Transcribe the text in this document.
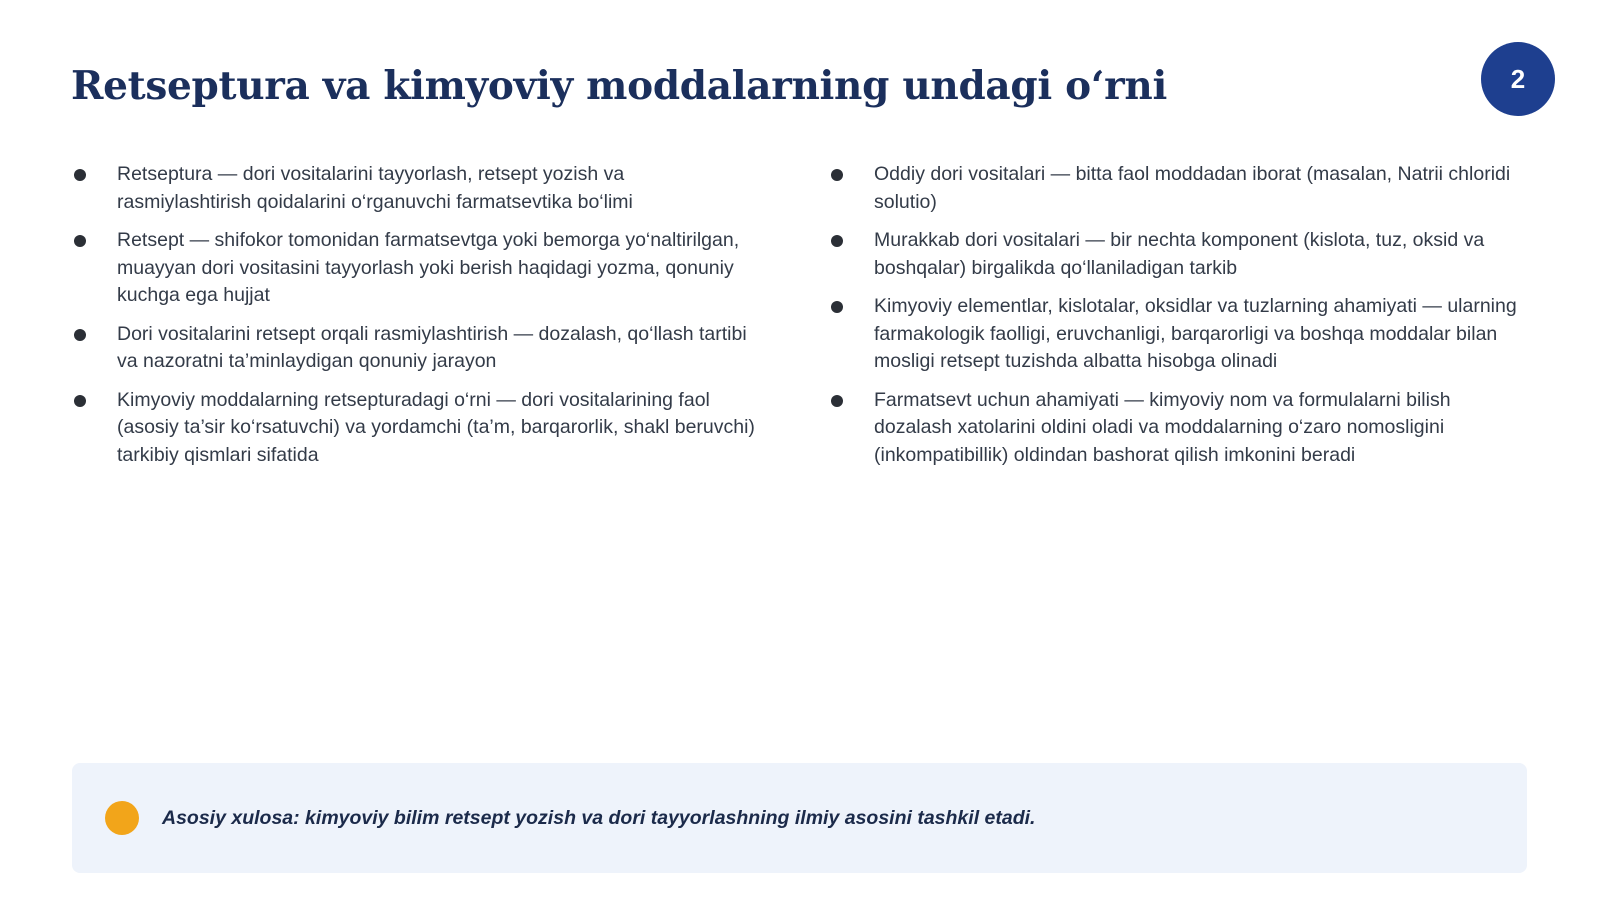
Retseptura va kimyoviy moddalarning undagi o‘rni	2
Retseptura — dori vositalarini tayyorlash, retsept yozish va rasmiylashtirish qoidalarini o‘rganuvchi farmatsevtika bo‘limi
Retsept — shifokor tomonidan farmatsevtga yoki bemorga yo‘naltirilgan, muayyan dori vositasini tayyorlash yoki berish haqidagi yozma, qonuniy kuchga ega hujjat
Dori vositalarini retsept orqali rasmiylashtirish — dozalash, qo‘llash tartibi va nazoratni ta’minlaydigan qonuniy jarayon
Kimyoviy moddalarning retsepturadagi o‘rni — dori vositalarining faol (asosiy ta’sir ko‘rsatuvchi) va yordamchi (ta’m, barqarorlik, shakl beruvchi) tarkibiy qismlari sifatida
Oddiy dori vositalari — bitta faol moddadan iborat (masalan, Natrii chloridi solutio)
Murakkab dori vositalari — bir nechta komponent (kislota, tuz, oksid va boshqalar) birgalikda qo‘llaniladigan tarkib
Kimyoviy elementlar, kislotalar, oksidlar va tuzlarning ahamiyati — ularning farmakologik faolligi, eruvchanligi, barqarorligi va boshqa moddalar bilan mosligi retsept tuzishda albatta hisobga olinadi
Farmatsevt uchun ahamiyati — kimyoviy nom va formulalarni bilish dozalash xatolarini oldini oladi va moddalarning o‘zaro nomosligini (inkompatibillik) oldindan bashorat qilish imkonini beradi
Asosiy xulosa: kimyoviy bilim retsept yozish va dori tayyorlashning ilmiy asosini tashkil etadi.
